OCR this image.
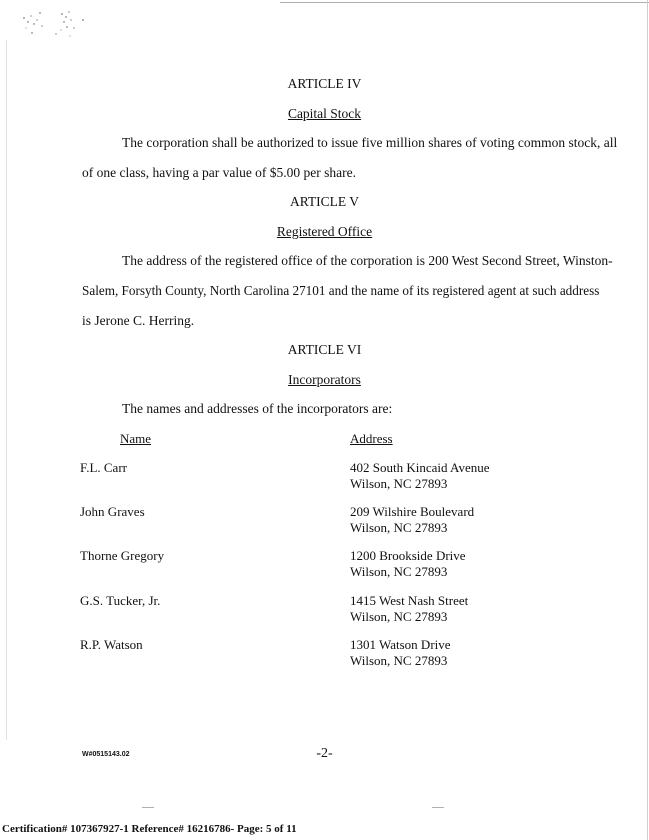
ARTICLE IV
Capital Stock
The corporation shall be authorized to issue five million shares of voting common stock, all
of one class, having a par value of $5.00 per share.
ARTICLE V
Registered Office
The address of the registered office of the corporation is 200 West Second Street, Winston-
Salem, Forsyth County, North Carolina 27101 and the name of its registered agent at such address
is Jerone C. Herring.
ARTICLE VI
Incorporators
The names and addresses of the incorporators are:
Name	Address
F.L. Carr	402 South Kincaid Avenue
Wilson, NC 27893
John Graves	209 Wilshire Boulevard
Wilson, NC 27893
Thorne Gregory	1200 Brookside Drive
Wilson, NC 27893
G.S. Tucker, Jr.	1415 West Nash Street
Wilson, NC 27893
R.P. Watson	1301 Watson Drive
Wilson, NC 27893
W#0515143.02	-2-
Certification# 107367927-1 Reference# 16216786- Page: 5 of 11
